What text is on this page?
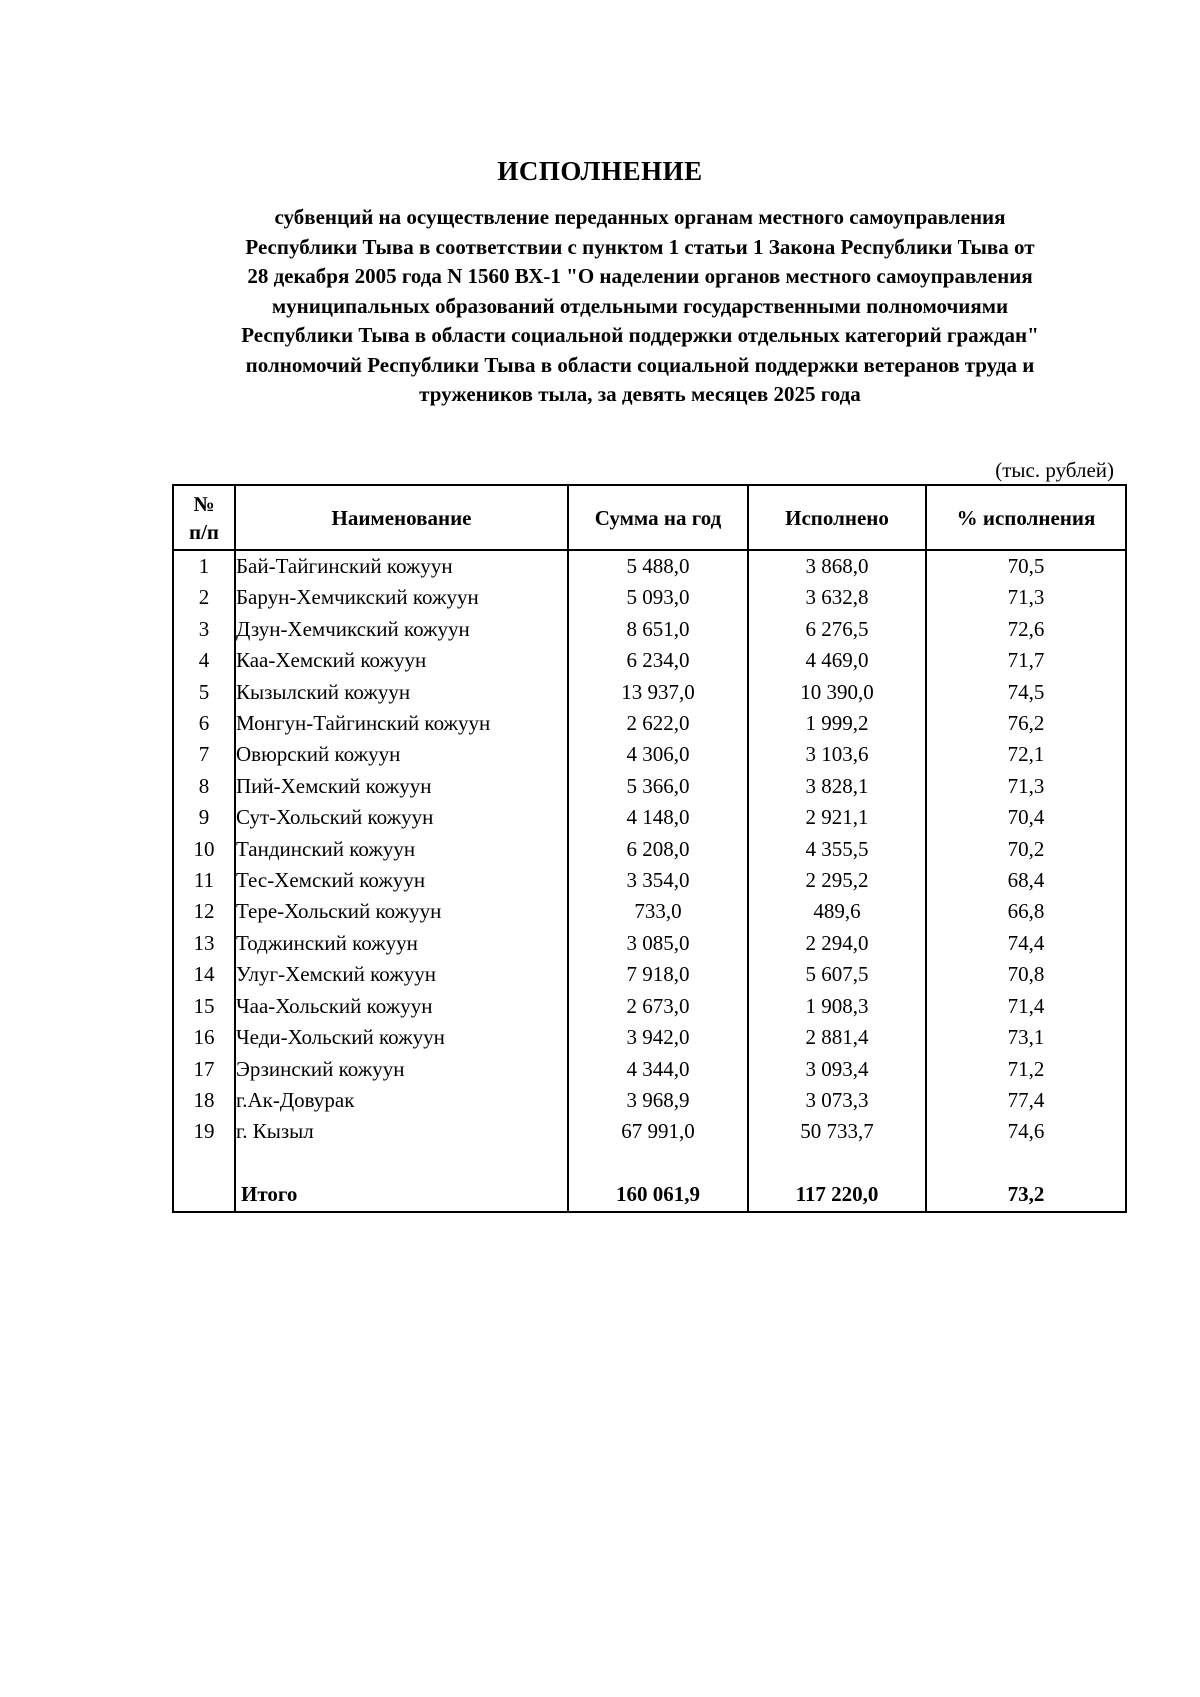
ИСПОЛНЕНИЕ
субвенций на осуществление переданных органам местного самоуправления
Республики Тыва в соответствии с пунктом 1 статьи 1 Закона Республики Тыва от
28 декабря 2005 года N 1560 ВХ-1 "О наделении органов местного самоуправления
муниципальных образований отдельными государственными полномочиями
Республики Тыва в области социальной поддержки отдельных категорий граждан"
полномочий Республики Тыва в области социальной поддержки ветеранов труда и
тружеников тыла, за девять месяцев 2025 года
(тыс. рублей)
№
п/п	Наименование	Сумма на год	Исполнено	% исполнения
1	Бай-Тайгинский кожуун	5 488,0	3 868,0	70,5
2	Барун-Хемчикский кожуун	5 093,0	3 632,8	71,3
3	Дзун-Хемчикский кожуун	8 651,0	6 276,5	72,6
4	Каа-Хемский кожуун	6 234,0	4 469,0	71,7
5	Кызылский кожуун	13 937,0	10 390,0	74,5
6	Монгун-Тайгинский кожуун	2 622,0	1 999,2	76,2
7	Овюрский кожуун	4 306,0	3 103,6	72,1
8	Пий-Хемский кожуун	5 366,0	3 828,1	71,3
9	Сут-Хольский кожуун	4 148,0	2 921,1	70,4
10	Тандинский кожуун	6 208,0	4 355,5	70,2
11	Тес-Хемский кожуун	3 354,0	2 295,2	68,4
12	Тере-Хольский кожуун	733,0	489,6	66,8
13	Тоджинский кожуун	3 085,0	2 294,0	74,4
14	Улуг-Хемский кожуун	7 918,0	5 607,5	70,8
15	Чаа-Хольский кожуун	2 673,0	1 908,3	71,4
16	Чеди-Хольский кожуун	3 942,0	2 881,4	73,1
17	Эрзинский кожуун	4 344,0	3 093,4	71,2
18	г.Ак-Довурак	3 968,9	3 073,3	77,4
19	г. Кызыл	67 991,0	50 733,7	74,6

	Итого	160 061,9	117 220,0	73,2
